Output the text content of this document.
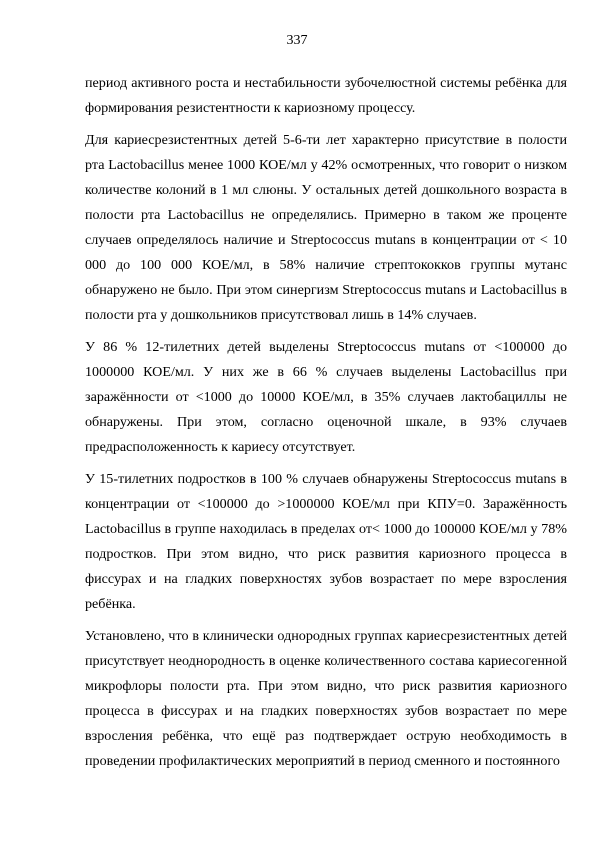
337

период активного роста и нестабильности зубочелюстной системы ребёнка для формирования резистентности к кариозному процессу.

Для кариесрезистентных детей 5-6-ти лет характерно присутствие в полости рта Lactobacillus менее 1000 КОЕ/мл у 42% осмотренных, что говорит о низком количестве колоний в 1 мл слюны. У остальных детей дошкольного возраста в полости рта Lactobacillus не определялись. Примерно в таком же проценте случаев определялось наличие и Streptococcus mutans в концентрации от < 10 000 до 100 000 КОЕ/мл, в 58% наличие стрептококков группы мутанс обнаружено не было. При этом синергизм Streptococcus mutans и Lactobacillus в полости рта у дошкольников присутствовал лишь в 14% случаев.

У 86 % 12-тилетних детей выделены Streptococcus mutans от <100000 до 1000000 КОЕ/мл. У них же в 66 % случаев выделены Lactobacillus при заражённости от <1000 до 10000 КОЕ/мл, в 35% случаев лактобациллы не обнаружены. При этом, согласно оценочной шкале, в 93% случаев предрасположенность к кариесу отсутствует.

У 15-тилетних подростков в 100 % случаев обнаружены Streptococcus mutans в концентрации от <100000 до >1000000 КОЕ/мл при КПУ=0. Заражённость Lactobacillus в группе находилась в пределах от< 1000 до 100000 КОЕ/мл у 78% подростков. При этом видно, что риск развития кариозного процесса в фиссурах и на гладких поверхностях зубов возрастает по мере взросления ребёнка.

Установлено, что в клинически однородных группах кариесрезистентных детей присутствует неоднородность в оценке количественного состава кариесогенной микрофлоры полости рта. При этом видно, что риск развития кариозного процесса в фиссурах и на гладких поверхностях зубов возрастает по мере взросления ребёнка, что ещё раз подтверждает острую необходимость в проведении профилактических мероприятий в период сменного и постоянного
